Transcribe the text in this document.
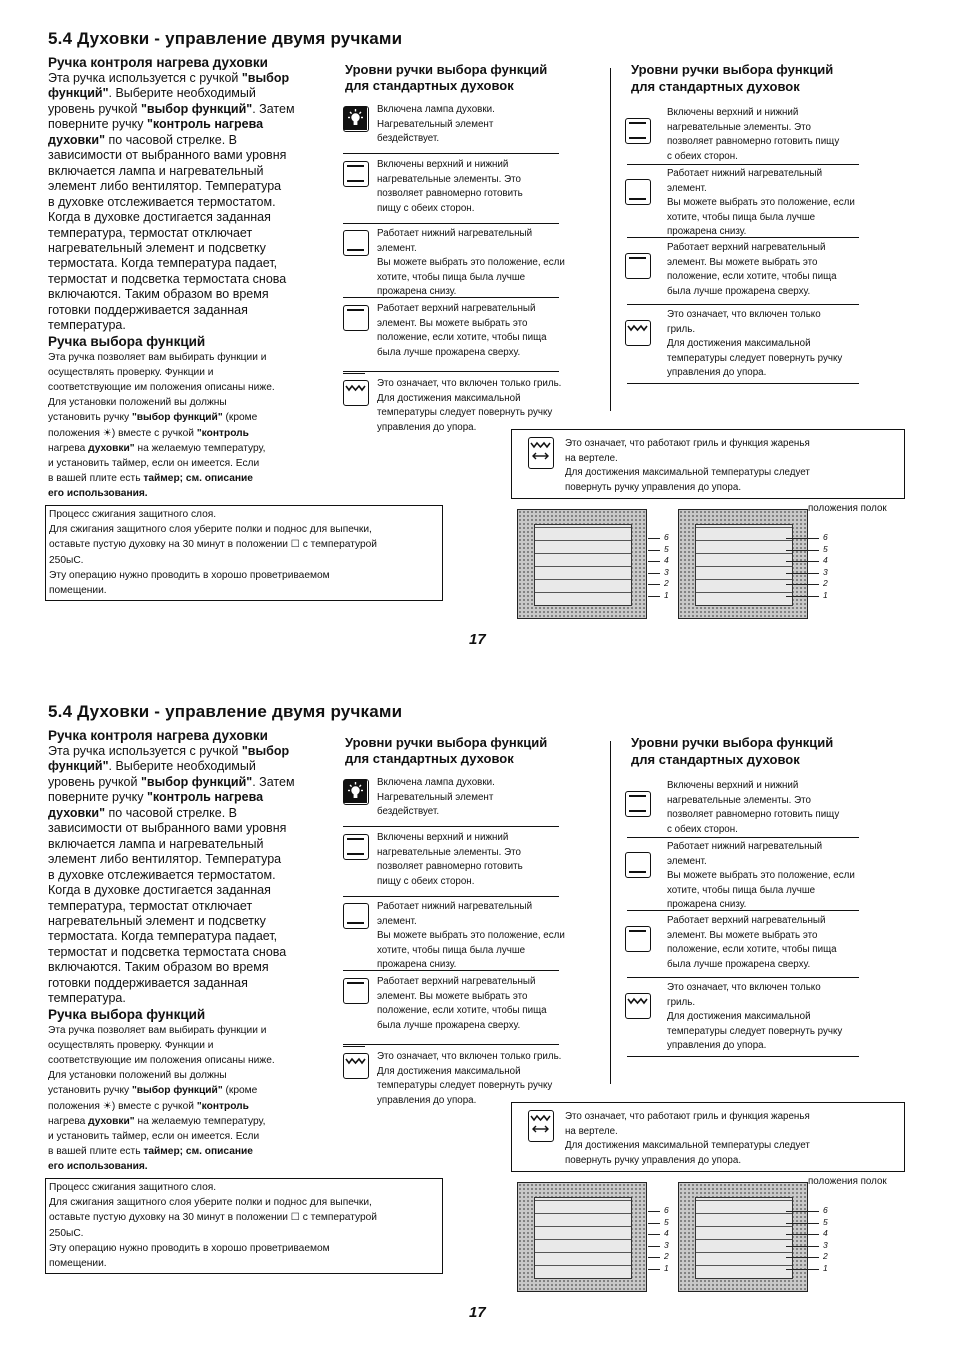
5.4 Духовки - управление двумя ручками
Ручка контроля нагрева духовки
Эта ручка используется с ручкой "выбор
функций". Выберите необходимый
уровень ручкой "выбор функций". Затем
поверните ручку "контроль нагрева
духовки" по часовой стрелке. В
зависимости от выбранного вами уровня
включается лампа и нагревательный
элемент либо вентилятор. Температура
в духовке отслеживается термостатом.
Когда в духовке достигается заданная
температура, термостат отключает
нагревательный элемент и подсветку
термостата. Когда температура падает,
термостат и подсветка термостата снова
включаются. Таким образом во время
готовки поддерживается заданная
температура.
Ручка выбора функций
Эта ручка позволяет вам выбирать функции и
осуществлять проверку. Функции и
соответствующие им положения описаны ниже.
Для установки положений вы должны
установить ручку "выбор функций" (кроме
положения ☀) вместе с ручкой "контроль
нагрева духовки" на желаемую температуру,
и установить таймер, если он имеется. Если
в вашей плите есть таймер; см. описание
его использования.
Процесс сжигания защитного слоя.
Для сжигания защитного слоя уберите полки и поднос для выпечки,
оставьте пустую духовку на 30 минут в положении ☐ с температурой
250ыС.
Эту операцию нужно проводить в хорошо проветриваемом
помещении.
Уровни ручки выбора функций
для стандартных духовок
Включена лампа духовки.
Нагревательный элемент
бездействует.
Включены верхний и нижний
нагревательные элементы. Это
позволяет равномерно готовить
пищу с обеих сторон.
Работает нижний нагревательный
элемент.
Вы можете выбрать это положение, если
хотите, чтобы пища была лучше
прожарена снизу.
Работает верхний нагревательный
элемент. Вы можете выбрать это
положение, если хотите, чтобы пища
была лучше прожарена сверху.
Это означает, что включен только гриль.
Для достижения максимальной
температуры следует повернуть ручку
управления до упора.
Уровни ручки выбора функций
для стандартных духовок
Включены верхний и нижний
нагревательные элементы. Это
позволяет равномерно готовить пищу
с обеих сторон.
Работает нижний нагревательный
элемент.
Вы можете выбрать это положение, если
хотите, чтобы пища была лучше
прожарена снизу.
Работает верхний нагревательный
элемент. Вы можете выбрать это
положение, если хотите, чтобы пища
была лучше прожарена сверху.
Это означает, что включен только
гриль.
Для достижения максимальной
температуры следует повернуть ручку
управления до упора.
Это означает, что работают гриль и функция жаренья
на вертеле.
Для достижения максимальной температуры следует
повернуть ручку управления до упора.
положения полок
6
5
4
3
2
1
6
5
4
3
2
1
17
5.4 Духовки - управление двумя ручками
Ручка контроля нагрева духовки
Эта ручка используется с ручкой "выбор
функций". Выберите необходимый
уровень ручкой "выбор функций". Затем
поверните ручку "контроль нагрева
духовки" по часовой стрелке. В
зависимости от выбранного вами уровня
включается лампа и нагревательный
элемент либо вентилятор. Температура
в духовке отслеживается термостатом.
Когда в духовке достигается заданная
температура, термостат отключает
нагревательный элемент и подсветку
термостата. Когда температура падает,
термостат и подсветка термостата снова
включаются. Таким образом во время
готовки поддерживается заданная
температура.
Ручка выбора функций
Эта ручка позволяет вам выбирать функции и
осуществлять проверку. Функции и
соответствующие им положения описаны ниже.
Для установки положений вы должны
установить ручку "выбор функций" (кроме
положения ☀) вместе с ручкой "контроль
нагрева духовки" на желаемую температуру,
и установить таймер, если он имеется. Если
в вашей плите есть таймер; см. описание
его использования.
Процесс сжигания защитного слоя.
Для сжигания защитного слоя уберите полки и поднос для выпечки,
оставьте пустую духовку на 30 минут в положении ☐ с температурой
250ыС.
Эту операцию нужно проводить в хорошо проветриваемом
помещении.
Уровни ручки выбора функций
для стандартных духовок
Включена лампа духовки.
Нагревательный элемент
бездействует.
Включены верхний и нижний
нагревательные элементы. Это
позволяет равномерно готовить
пищу с обеих сторон.
Работает нижний нагревательный
элемент.
Вы можете выбрать это положение, если
хотите, чтобы пища была лучше
прожарена снизу.
Работает верхний нагревательный
элемент. Вы можете выбрать это
положение, если хотите, чтобы пища
была лучше прожарена сверху.
Это означает, что включен только гриль.
Для достижения максимальной
температуры следует повернуть ручку
управления до упора.
Уровни ручки выбора функций
для стандартных духовок
Включены верхний и нижний
нагревательные элементы. Это
позволяет равномерно готовить пищу
с обеих сторон.
Работает нижний нагревательный
элемент.
Вы можете выбрать это положение, если
хотите, чтобы пища была лучше
прожарена снизу.
Работает верхний нагревательный
элемент. Вы можете выбрать это
положение, если хотите, чтобы пища
была лучше прожарена сверху.
Это означает, что включен только
гриль.
Для достижения максимальной
температуры следует повернуть ручку
управления до упора.
Это означает, что работают гриль и функция жаренья
на вертеле.
Для достижения максимальной температуры следует
повернуть ручку управления до упора.
положения полок
6
5
4
3
2
1
6
5
4
3
2
1
17
